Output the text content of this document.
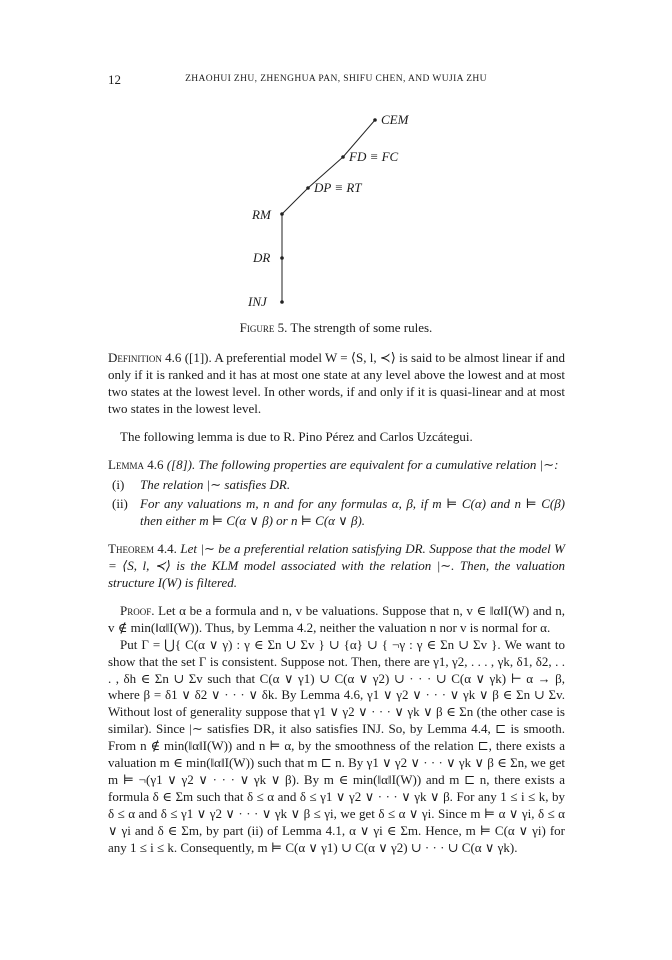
12	ZHAOHUI ZHU, ZHENGHUA PAN, SHIFU CHEN, AND WUJIA ZHU
CEM
FD ≡ FC
DP ≡ RT
RM
DR
INJ
Figure 5. The strength of some rules.

Definition 4.6 ([1]). A preferential model W = ⟨S, l, ≺⟩ is said to be almost linear if and only if it is ranked and it has at most one state at any level above the lowest and at most two states at the lowest level. In other words, if and only if it is quasi-linear and at most two states in the lowest level.

The following lemma is due to R. Pino Pérez and Carlos Uzcátegui.

Lemma 4.6 ([8]). The following properties are equivalent for a cumulative relation |∼:

(i)	The relation |∼ satisfies DR.
(ii) For any valuations m, n and for any formulas α, β, if m ⊨ C(α) and n ⊨ C(β) then either m ⊨ C(α ∨ β) or n ⊨ C(α ∨ β).

Theorem 4.4. Let |∼ be a preferential relation satisfying DR. Suppose that the model W = ⟨S, l, ≺⟩ is the KLM model associated with the relation |∼. Then, the valuation structure I(W) is filtered.

Proof. Let α be a formula and n, v be valuations. Suppose that n, v ∈ ‖α‖I(W) and n, v ∉ min(‖α‖I(W)). Thus, by Lemma 4.2, neither the valuation n nor v is normal for α.

Put Γ = ⋃{ C(α ∨ γ) : γ ∈ Σn ∪ Σv } ∪ {α} ∪ { ¬γ : γ ∈ Σn ∪ Σv }. We want to show that the set Γ is consistent. Suppose not. Then, there are γ1, γ2, . . . , γk, δ1, δ2, . . . , δh ∈ Σn ∪ Σv such that C(α ∨ γ1) ∪ C(α ∨ γ2) ∪ · · · ∪ C(α ∨ γk) ⊢ α → β, where β = δ1 ∨ δ2 ∨ · · · ∨ δk. By Lemma 4.6, γ1 ∨ γ2 ∨ · · · ∨ γk ∨ β ∈ Σn ∪ Σv. Without lost of generality suppose that γ1 ∨ γ2 ∨ · · · ∨ γk ∨ β ∈ Σn (the other case is similar). Since |∼ satisfies DR, it also satisfies INJ. So, by Lemma 4.4, ⊏ is smooth. From n ∉ min(‖α‖I(W)) and n ⊨ α, by the smoothness of the relation ⊏, there exists a valuation m ∈ min(‖α‖I(W)) such that m ⊏ n. By γ1 ∨ γ2 ∨ · · · ∨ γk ∨ β ∈ Σn, we get m ⊨ ¬(γ1 ∨ γ2 ∨ · · · ∨ γk ∨ β). By m ∈ min(‖α‖I(W)) and m ⊏ n, there exists a formula δ ∈ Σm such that δ ≤ α and δ ≤ γ1 ∨ γ2 ∨ · · · ∨ γk ∨ β. For any 1 ≤ i ≤ k, by δ ≤ α and δ ≤ γ1 ∨ γ2 ∨ · · · ∨ γk ∨ β ≤ γi, we get δ ≤ α ∨ γi. Since m ⊨ α ∨ γi, δ ≤ α ∨ γi and δ ∈ Σm, by part (ii) of Lemma 4.1, α ∨ γi ∈ Σm. Hence, m ⊨ C(α ∨ γi) for any 1 ≤ i ≤ k. Consequently, m ⊨ C(α ∨ γ1) ∪ C(α ∨ γ2) ∪ · · · ∪ C(α ∨ γk).
